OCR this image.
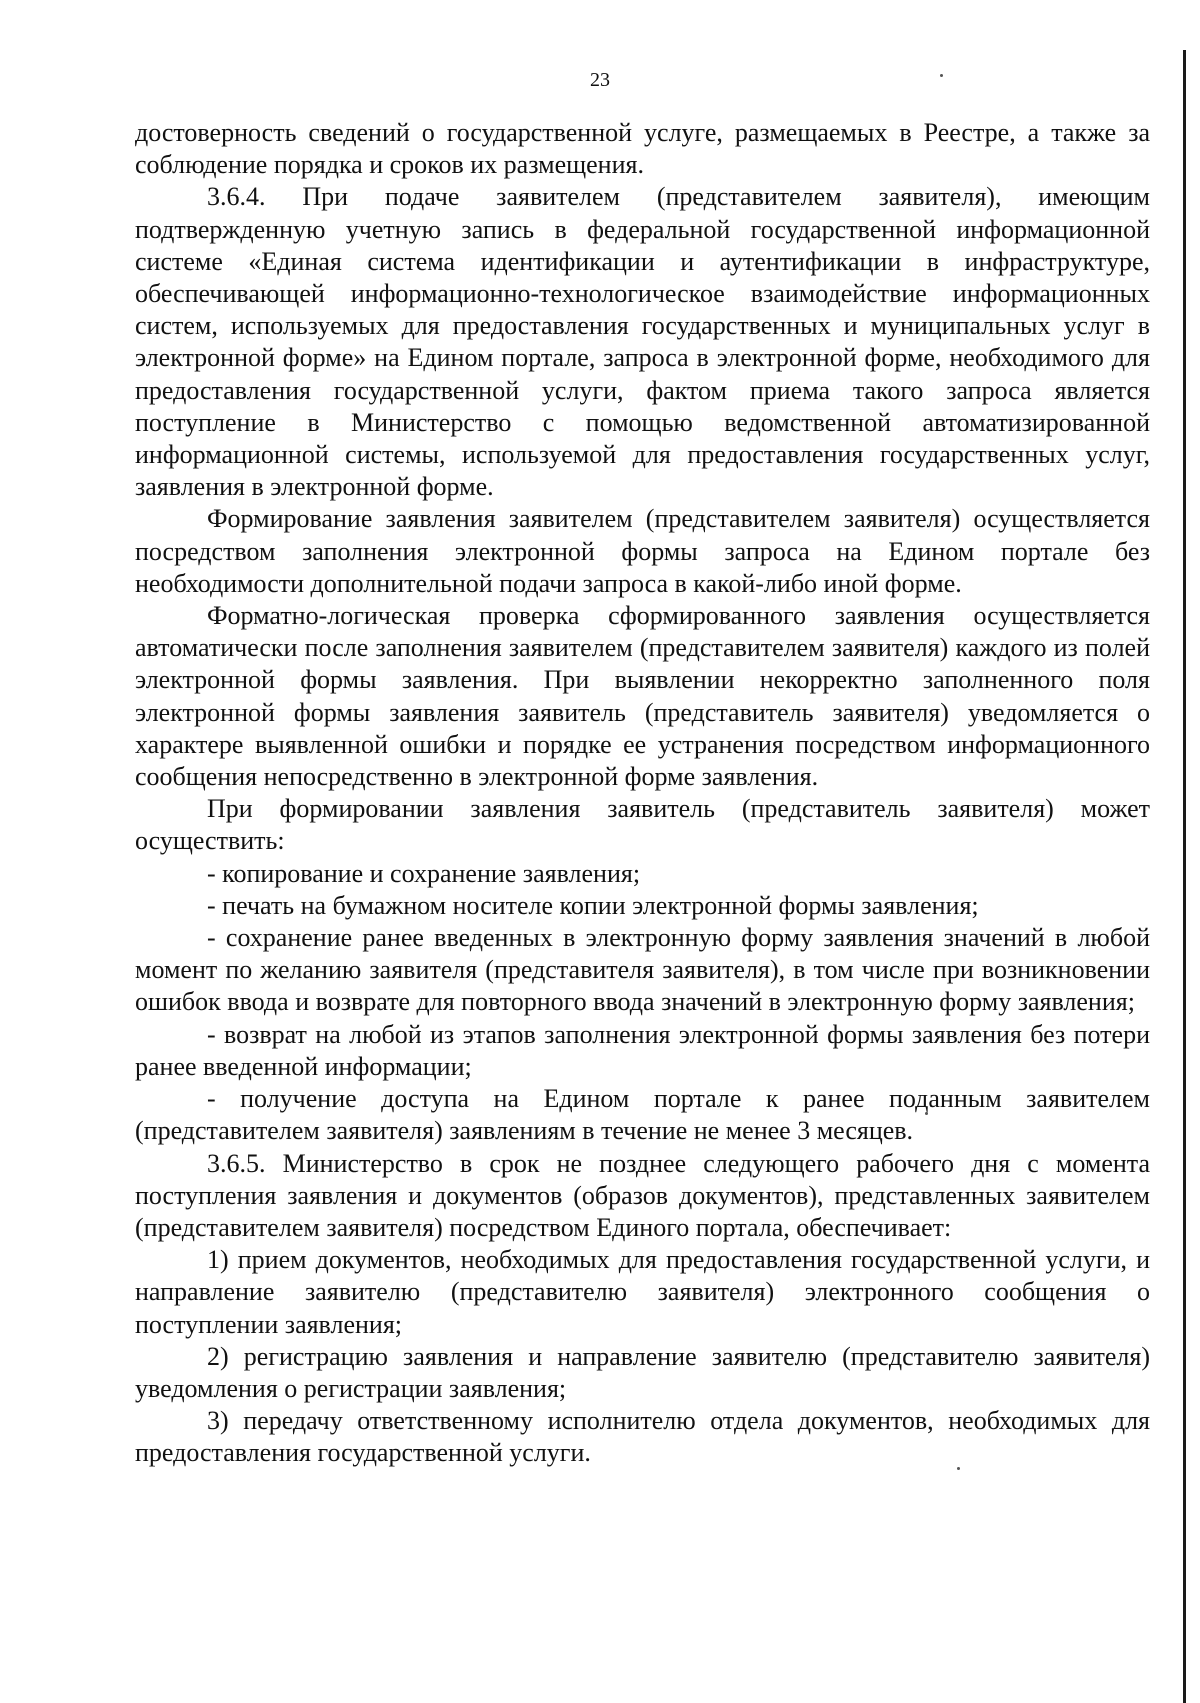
23

достоверность сведений о государственной услуге, размещаемых в Реестре, а также за соблюдение порядка и сроков их размещения.

3.6.4. При подаче заявителем (представителем заявителя), имеющим подтвержденную учетную запись в федеральной государственной информационной системе «Единая система идентификации и аутентификации в инфраструктуре, обеспечивающей информационно-технологическое взаимодействие информационных систем, используемых для предоставления государственных и муниципальных услуг в электронной форме» на Едином портале, запроса в электронной форме, необходимого для предоставления государственной услуги, фактом приема такого запроса является поступление в Министерство с помощью ведомственной автоматизированной информационной системы, используемой для предоставления государственных услуг, заявления в электронной форме.

Формирование заявления заявителем (представителем заявителя) осуществляется посредством заполнения электронной формы запроса на Едином портале без необходимости дополнительной подачи запроса в какой-либо иной форме.

Форматно-логическая проверка сформированного заявления осуществляется автоматически после заполнения заявителем (представителем заявителя) каждого из полей электронной формы заявления. При выявлении некорректно заполненного поля электронной формы заявления заявитель (представитель заявителя) уведомляется о характере выявленной ошибки и порядке ее устранения посредством информационного сообщения непосредственно в электронной форме заявления.

При формировании заявления заявитель (представитель заявителя) может осуществить:

- копирование и сохранение заявления;

- печать на бумажном носителе копии электронной формы заявления;

- сохранение ранее введенных в электронную форму заявления значений в любой момент по желанию заявителя (представителя заявителя), в том числе при возникновении ошибок ввода и возврате для повторного ввода значений в электронную форму заявления;

- возврат на любой из этапов заполнения электронной формы заявления без потери ранее введенной информации;

- получение доступа на Едином портале к ранее поданным заявителем (представителем заявителя) заявлениям в течение не менее 3 месяцев.

3.6.5. Министерство в срок не позднее следующего рабочего дня с момента поступления заявления и документов (образов документов), представленных заявителем (представителем заявителя) посредством Единого портала, обеспечивает:

1) прием документов, необходимых для предоставления государственной услуги, и направление заявителю (представителю заявителя) электронного сообщения о поступлении заявления;

2) регистрацию заявления и направление заявителю (представителю заявителя) уведомления о регистрации заявления;

3) передачу ответственному исполнителю отдела документов, необходимых для предоставления государственной услуги.
